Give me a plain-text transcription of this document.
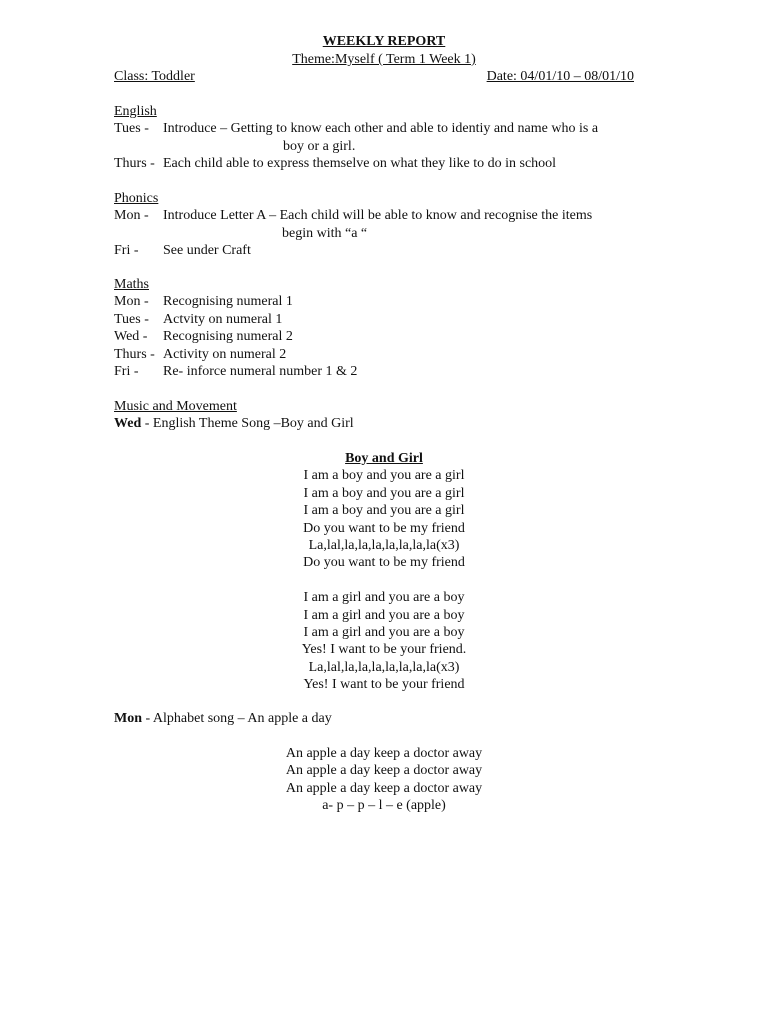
WEEKLY REPORT
Theme:Myself ( Term 1 Week 1)
Class: Toddler	Date: 04/01/10 – 08/01/10
English
Tues -	Introduce – Getting to know each other and able to identiy and name who is a
boy or a girl.
Thurs - Each child able to express themselve on what they like to do in school
Phonics
Mon -	Introduce Letter A – Each child will be able to know and recognise the items
begin with “a “
Fri -	See under Craft
Maths
Mon -	Recognising numeral 1
Tues -	Actvity on numeral 1
Wed -	Recognising numeral 2
Thurs - Activity on numeral 2
Fri -	Re- inforce numeral number 1 & 2
Music and Movement
Wed - English Theme Song –Boy and Girl
Boy and Girl
I am a boy and you are a girl
I am a boy and you are a girl
I am a boy and you are a girl
Do you want to be my friend
La,lal,la,la,la,la,la,la,la(x3)
Do you want to be my friend
I am a girl and you are a boy
I am a girl and you are a boy
I am a girl and you are a boy
Yes! I want to be your friend.
La,lal,la,la,la,la,la,la,la(x3)
Yes! I want to be your friend
Mon - Alphabet song – An apple a day
An apple a day keep a doctor away
An apple a day keep a doctor away
An apple a day keep a doctor away
a- p – p – l – e (apple)
